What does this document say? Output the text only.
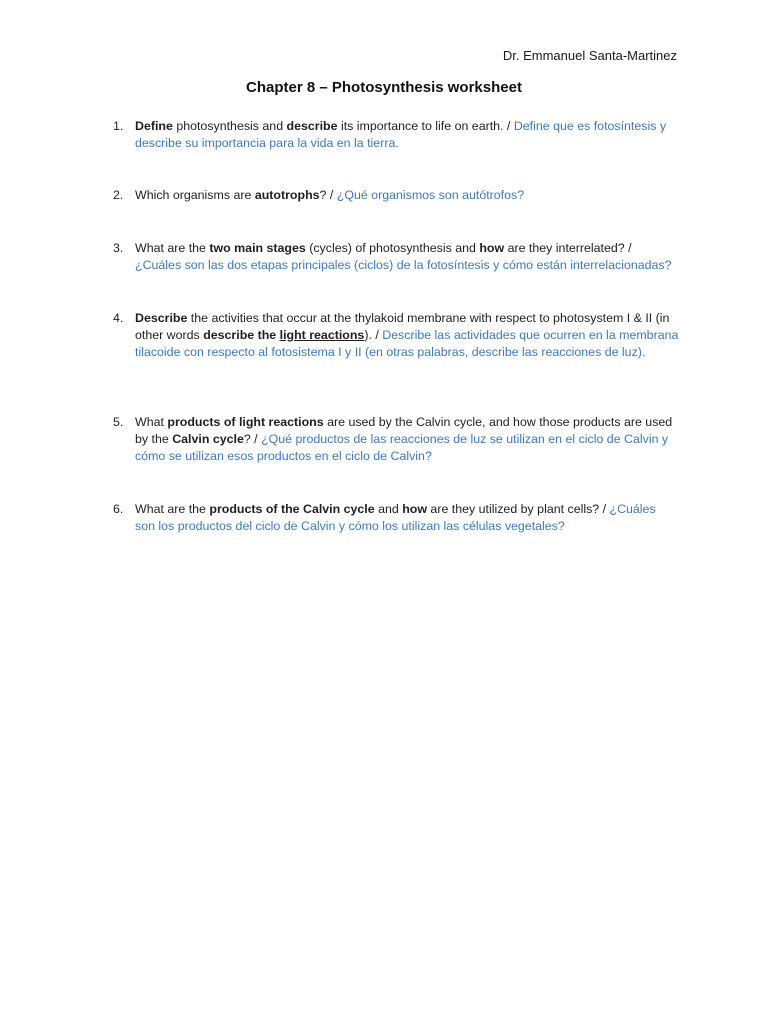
Dr. Emmanuel Santa-Martinez
Chapter 8 – Photosynthesis worksheet
1. Define photosynthesis and describe its importance to life on earth. / Define que es fotosíntesis y describe su importancia para la vida en la tierra.
2. Which organisms are autotrophs? / ¿Qué organismos son autótrofos?
3. What are the two main stages (cycles) of photosynthesis and how are they interrelated? / ¿Cuáles son las dos etapas principales (ciclos) de la fotosíntesis y cómo están interrelacionadas?
4. Describe the activities that occur at the thylakoid membrane with respect to photosystem I & II (in other words describe the light reactions). / Describe las actividades que ocurren en la membrana tilacoide con respecto al fotosistema I y II (en otras palabras, describe las reacciones de luz).
5. What products of light reactions are used by the Calvin cycle, and how those products are used by the Calvin cycle? / ¿Qué productos de las reacciones de luz se utilizan en el ciclo de Calvin y cómo se utilizan esos productos en el ciclo de Calvin?
6. What are the products of the Calvin cycle and how are they utilized by plant cells? / ¿Cuáles son los productos del ciclo de Calvin y cómo los utilizan las células vegetales?
